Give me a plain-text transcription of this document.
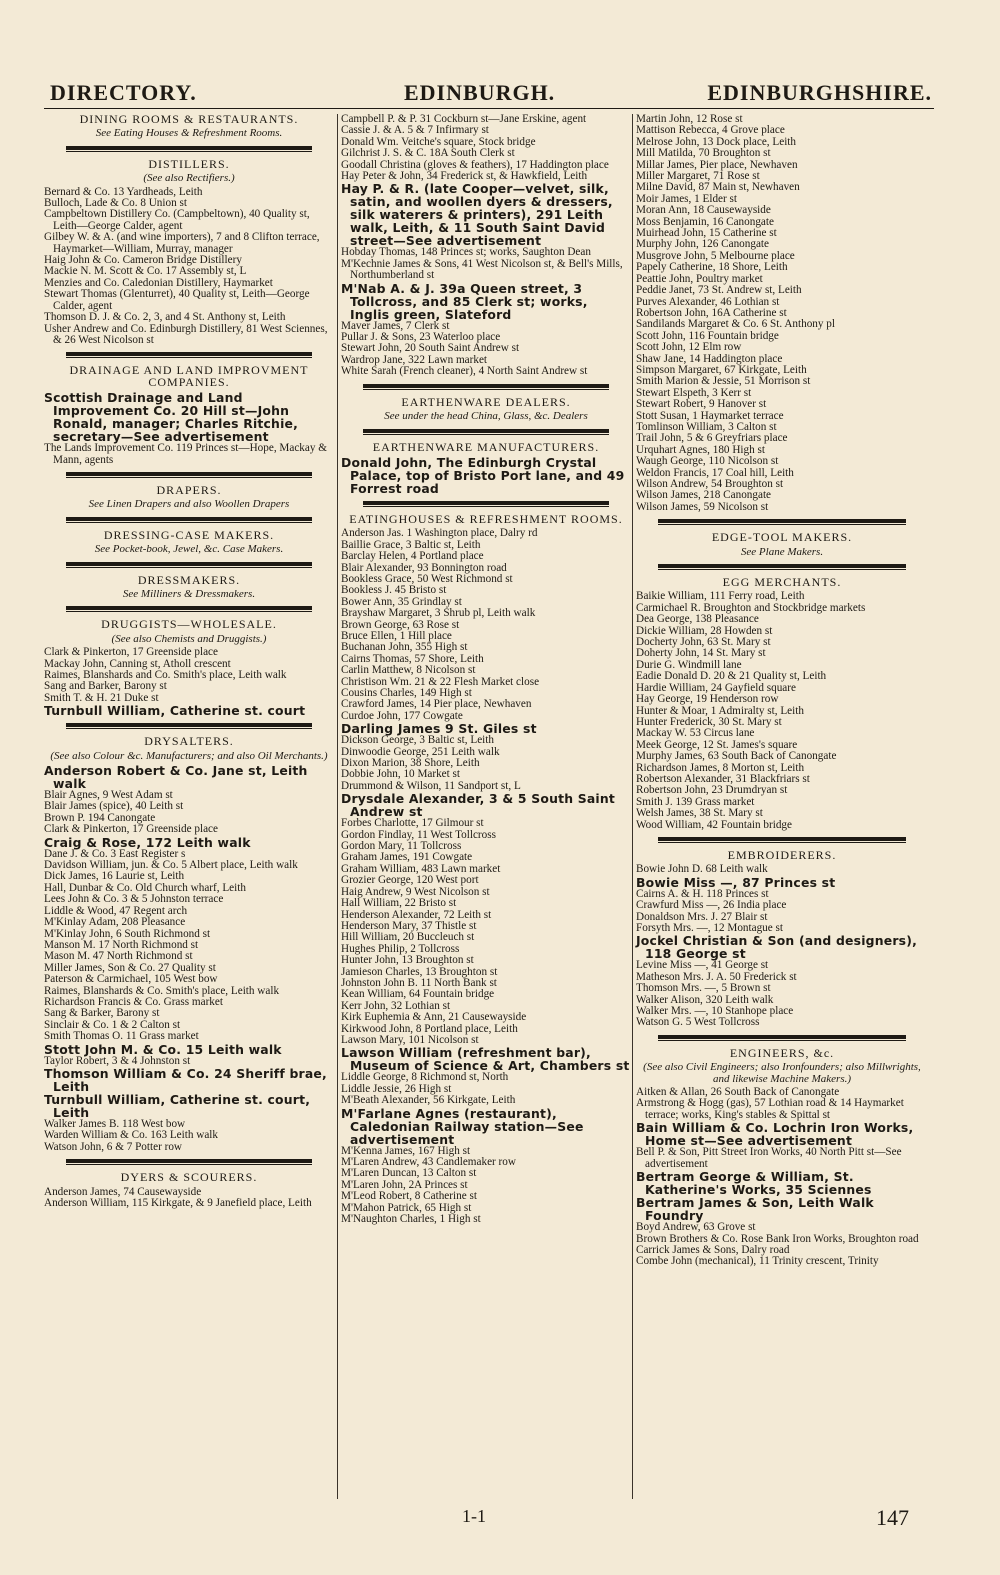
DIRECTORY.	EDINBURGH.	EDINBURGHSHIRE.
DINING ROOMS & RESTAURANTS.
See Eating Houses & Refreshment Rooms.
DISTILLERS.
(See also Rectifiers.)

Bernard & Co. 13 Yardheads, Leith

Bulloch, Lade & Co. 8 Union st

Campbeltown Distillery Co. (Campbeltown), 40 Quality st, Leith—George Calder, agent

Gilbey W. & A. (and wine importers), 7 and 8 Clifton terrace, Haymarket—William, Murray, manager

Haig John & Co. Cameron Bridge Distillery

Mackie N. M. Scott & Co. 17 Assembly st, L

Menzies and Co. Caledonian Distillery, Haymarket

Stewart Thomas (Glenturret), 40 Quality st, Leith—George Calder, agent

Thomson D. J. & Co. 2, 3, and 4 St. Anthony st, Leith

Usher Andrew and Co. Edinburgh Distillery, 81 West Sciennes, & 26 West Nicolson st

DRAINAGE AND LAND IMPROVMENT COMPANIES.

Scottish Drainage and Land Improvement Co. 20 Hill st—John Ronald, manager; Charles Ritchie, secretary—See advertisement

The Lands Improvement Co. 119 Princes st—Hope, Mackay & Mann, agents

DRAPERS.
See Linen Drapers and also Woollen Drapers
DRESSING-CASE MAKERS.
See Pocket-book, Jewel, &c. Case Makers.
DRESSMAKERS.
See Milliners & Dressmakers.
DRUGGISTS—WHOLESALE.
(See also Chemists and Druggists.)

Clark & Pinkerton, 17 Greenside place

Mackay John, Canning st, Atholl crescent

Raimes, Blanshards and Co. Smith's place, Leith walk

Sang and Barker, Barony st

Smith T. & H. 21 Duke st

Turnbull William, Catherine st. court

DRYSALTERS.
(See also Colour &c. Manufacturers; and also Oil Merchants.)

Anderson Robert & Co. Jane st, Leith walk

Blair Agnes, 9 West Adam st

Blair James (spice), 40 Leith st

Brown P. 194 Canongate

Clark & Pinkerton, 17 Greenside place

Craig & Rose, 172 Leith walk

Dane J. & Co. 3 East Register s

Davidson William, jun. & Co. 5 Albert place, Leith walk

Dick James, 16 Laurie st, Leith

Hall, Dunbar & Co. Old Church wharf, Leith

Lees John & Co. 3 & 5 Johnston terrace

Liddle & Wood, 47 Regent arch

M'Kinlay Adam, 208 Pleasance

M'Kinlay John, 6 South Richmond st

Manson M. 17 North Richmond st

Mason M. 47 North Richmond st

Miller James, Son & Co. 27 Quality st

Paterson & Carmichael, 105 West bow

Raimes, Blanshards & Co. Smith's place, Leith walk

Richardson Francis & Co. Grass market

Sang & Barker, Barony st

Sinclair & Co. 1 & 2 Calton st

Smith Thomas O. 11 Grass market

Stott John M. & Co. 15 Leith walk

Taylor Robert, 3 & 4 Johnston st

Thomson William & Co. 24 Sheriff brae, Leith

Turnbull William, Catherine st. court, Leith

Walker James B. 118 West bow

Warden William & Co. 163 Leith walk

Watson John, 6 & 7 Potter row

DYERS & SCOURERS.

Anderson James, 74 Causewayside

Anderson William, 115 Kirkgate, & 9 Janefield place, Leith

Campbell P. & P. 31 Cockburn st—Jane Erskine, agent

Cassie J. & A. 5 & 7 Infirmary st

Donald Wm. Veitche's square, Stock bridge

Gilchrist J. S. & C. 18A South Clerk st

Goodall Christina (gloves & feathers), 17 Haddington place

Hay Peter & John, 34 Frederick st, & Hawkfield, Leith

Hay P. & R. (late Cooper—velvet, silk, satin, and woollen dyers & dressers, silk waterers & printers), 291 Leith walk, Leith, & 11 South Saint David street—See advertisement

Hobday Thomas, 148 Princes st; works, Saughton Dean

M'Kechnie James & Sons, 41 West Nicolson st, & Bell's Mills, Northumberland st

M'Nab A. & J. 39a Queen street, 3 Tollcross, and 85 Clerk st; works, Inglis green, Slateford

Maver James, 7 Clerk st

Pullar J. & Sons, 23 Waterloo place

Stewart John, 20 South Saint Andrew st

Wardrop Jane, 322 Lawn market

White Sarah (French cleaner), 4 North Saint Andrew st

EARTHENWARE DEALERS.
See under the head China, Glass, &c. Dealers
EARTHENWARE MANUFACTURERS.

Donald John, The Edinburgh Crystal Palace, top of Bristo Port lane, and 49 Forrest road

EATINGHOUSES & REFRESHMENT ROOMS.

Anderson Jas. 1 Washington place, Dalry rd

Baillie Grace, 3 Baltic st, Leith

Barclay Helen, 4 Portland place

Blair Alexander, 93 Bonnington road

Bookless Grace, 50 West Richmond st

Bookless J. 45 Bristo st

Bower Ann, 35 Grindlay st

Brayshaw Margaret, 3 Shrub pl, Leith walk

Brown George, 63 Rose st

Bruce Ellen, 1 Hill place

Buchanan John, 355 High st

Cairns Thomas, 57 Shore, Leith

Carlin Matthew, 8 Nicolson st

Christison Wm. 21 & 22 Flesh Market close

Cousins Charles, 149 High st

Crawford James, 14 Pier place, Newhaven

Curdoe John, 177 Cowgate

Darling James 9 St. Giles st

Dickson George, 3 Baltic st, Leith

Dinwoodie George, 251 Leith walk

Dixon Marion, 38 Shore, Leith

Dobbie John, 10 Market st

Drummond & Wilson, 11 Sandport st, L

Drysdale Alexander, 3 & 5 South Saint Andrew st

Forbes Charlotte, 17 Gilmour st

Gordon Findlay, 11 West Tollcross

Gordon Mary, 11 Tollcross

Graham James, 191 Cowgate

Graham William, 483 Lawn market

Grozier George, 120 West port

Haig Andrew, 9 West Nicolson st

Hall William, 22 Bristo st

Henderson Alexander, 72 Leith st

Henderson Mary, 37 Thistle st

Hill William, 20 Buccleuch st

Hughes Philip, 2 Tollcross

Hunter John, 13 Broughton st

Jamieson Charles, 13 Broughton st

Johnston John B. 11 North Bank st

Kean William, 64 Fountain bridge

Kerr John, 32 Lothian st

Kirk Euphemia & Ann, 21 Causewayside

Kirkwood John, 8 Portland place, Leith

Lawson Mary, 101 Nicolson st

Lawson William (refreshment bar), Museum of Science & Art, Chambers st

Liddle George, 8 Richmond st, North

Liddle Jessie, 26 High st

M'Beath Alexander, 56 Kirkgate, Leith

M'Farlane Agnes (restaurant), Caledonian Railway station—See advertisement

M'Kenna James, 167 High st

M'Laren Andrew, 43 Candlemaker row

M'Laren Duncan, 13 Calton st

M'Laren John, 2A Princes st

M'Leod Robert, 8 Catherine st

M'Mahon Patrick, 65 High st

M'Naughton Charles, 1 High st

Martin John, 12 Rose st

Mattison Rebecca, 4 Grove place

Melrose John, 13 Dock place, Leith

Mill Matilda, 70 Broughton st

Millar James, Pier place, Newhaven

Miller Margaret, 71 Rose st

Milne David, 87 Main st, Newhaven

Moir James, 1 Elder st

Moran Ann, 18 Causewayside

Moss Benjamin, 16 Canongate

Muirhead John, 15 Catherine st

Murphy John, 126 Canongate

Musgrove John, 5 Melbourne place

Papely Catherine, 18 Shore, Leith

Peattie John, Poultry market

Peddie Janet, 73 St. Andrew st, Leith

Purves Alexander, 46 Lothian st

Robertson John, 16A Catherine st

Sandilands Margaret & Co. 6 St. Anthony pl

Scott John, 116 Fountain bridge

Scott John, 12 Elm row

Shaw Jane, 14 Haddington place

Simpson Margaret, 67 Kirkgate, Leith

Smith Marion & Jessie, 51 Morrison st

Stewart Elspeth, 3 Kerr st

Stewart Robert, 9 Hanover st

Stott Susan, 1 Haymarket terrace

Tomlinson William, 3 Calton st

Trail John, 5 & 6 Greyfriars place

Urquhart Agnes, 180 High st

Waugh George, 110 Nicolson st

Weldon Francis, 17 Coal hill, Leith

Wilson Andrew, 54 Broughton st

Wilson James, 218 Canongate

Wilson James, 59 Nicolson st

EDGE-TOOL MAKERS.
See Plane Makers.
EGG MERCHANTS.

Baikie William, 111 Ferry road, Leith

Carmichael R. Broughton and Stockbridge markets

Dea George, 138 Pleasance

Dickie William, 28 Howden st

Docherty John, 63 St. Mary st

Doherty John, 14 St. Mary st

Durie G. Windmill lane

Eadie Donald D. 20 & 21 Quality st, Leith

Hardie William, 24 Gayfield square

Hay George, 19 Henderson row

Hunter & Moar, 1 Admiralty st, Leith

Hunter Frederick, 30 St. Mary st

Mackay W. 53 Circus lane

Meek George, 12 St. James's square

Murphy James, 63 South Back of Canongate

Richardson James, 8 Morton st, Leith

Robertson Alexander, 31 Blackfriars st

Robertson John, 23 Drumdryan st

Smith J. 139 Grass market

Welsh James, 38 St. Mary st

Wood William, 42 Fountain bridge

EMBROIDERERS.

Bowie John D. 68 Leith walk

Bowie Miss —, 87 Princes st

Cairns A. & H. 118 Princes st

Crawfurd Miss —, 26 India place

Donaldson Mrs. J. 27 Blair st

Forsyth Mrs. —, 12 Montague st

Jockel Christian & Son (and designers), 118 George st

Levine Miss —, 41 George st

Matheson Mrs. J. A. 50 Frederick st

Thomson Mrs. —, 5 Brown st

Walker Alison, 320 Leith walk

Walker Mrs. —, 10 Stanhope place

Watson G. 5 West Tollcross

ENGINEERS, &c.
(See also Civil Engineers; also Ironfounders; also Millwrights, and likewise Machine Makers.)

Aitken & Allan, 26 South Back of Canongate

Armstrong & Hogg (gas), 57 Lothian road & 14 Haymarket terrace; works, King's stables & Spittal st

Bain William & Co. Lochrin Iron Works, Home st—See advertisement

Bell P. & Son, Pitt Street Iron Works, 40 North Pitt st—See advertisement

Bertram George & William, St. Katherine's Works, 35 Sciennes

Bertram James & Son, Leith Walk Foundry

Boyd Andrew, 63 Grove st

Brown Brothers & Co. Rose Bank Iron Works, Broughton road

Carrick James & Sons, Dalry road

Combe John (mechanical), 11 Trinity crescent, Trinity

1-1	147
